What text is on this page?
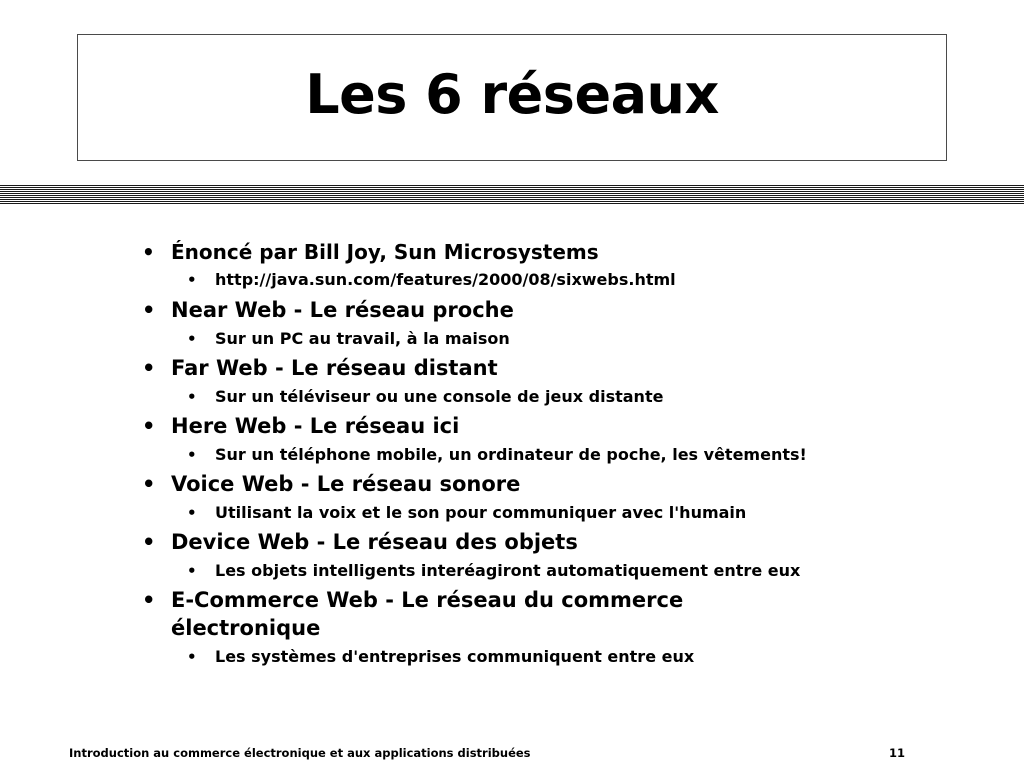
Les 6 réseaux
• Énoncé par Bill Joy, Sun Microsystems
• http://java.sun.com/features/2000/08/sixwebs.html
• Near Web - Le réseau proche
• Sur un PC au travail, à la maison
• Far Web - Le réseau distant
• Sur un téléviseur ou une console de jeux distante
• Here Web - Le réseau ici
• Sur un téléphone mobile, un ordinateur de poche, les vêtements!
• Voice Web - Le réseau sonore
• Utilisant la voix et le son pour communiquer avec l'humain
• Device Web - Le réseau des objets
• Les objets intelligents interéagiront automatiquement entre eux
• E-Commerce Web - Le réseau du commerce
électronique
• Les systèmes d'entreprises communiquent entre eux
Introduction au commerce électronique et aux applications distribuées	11
